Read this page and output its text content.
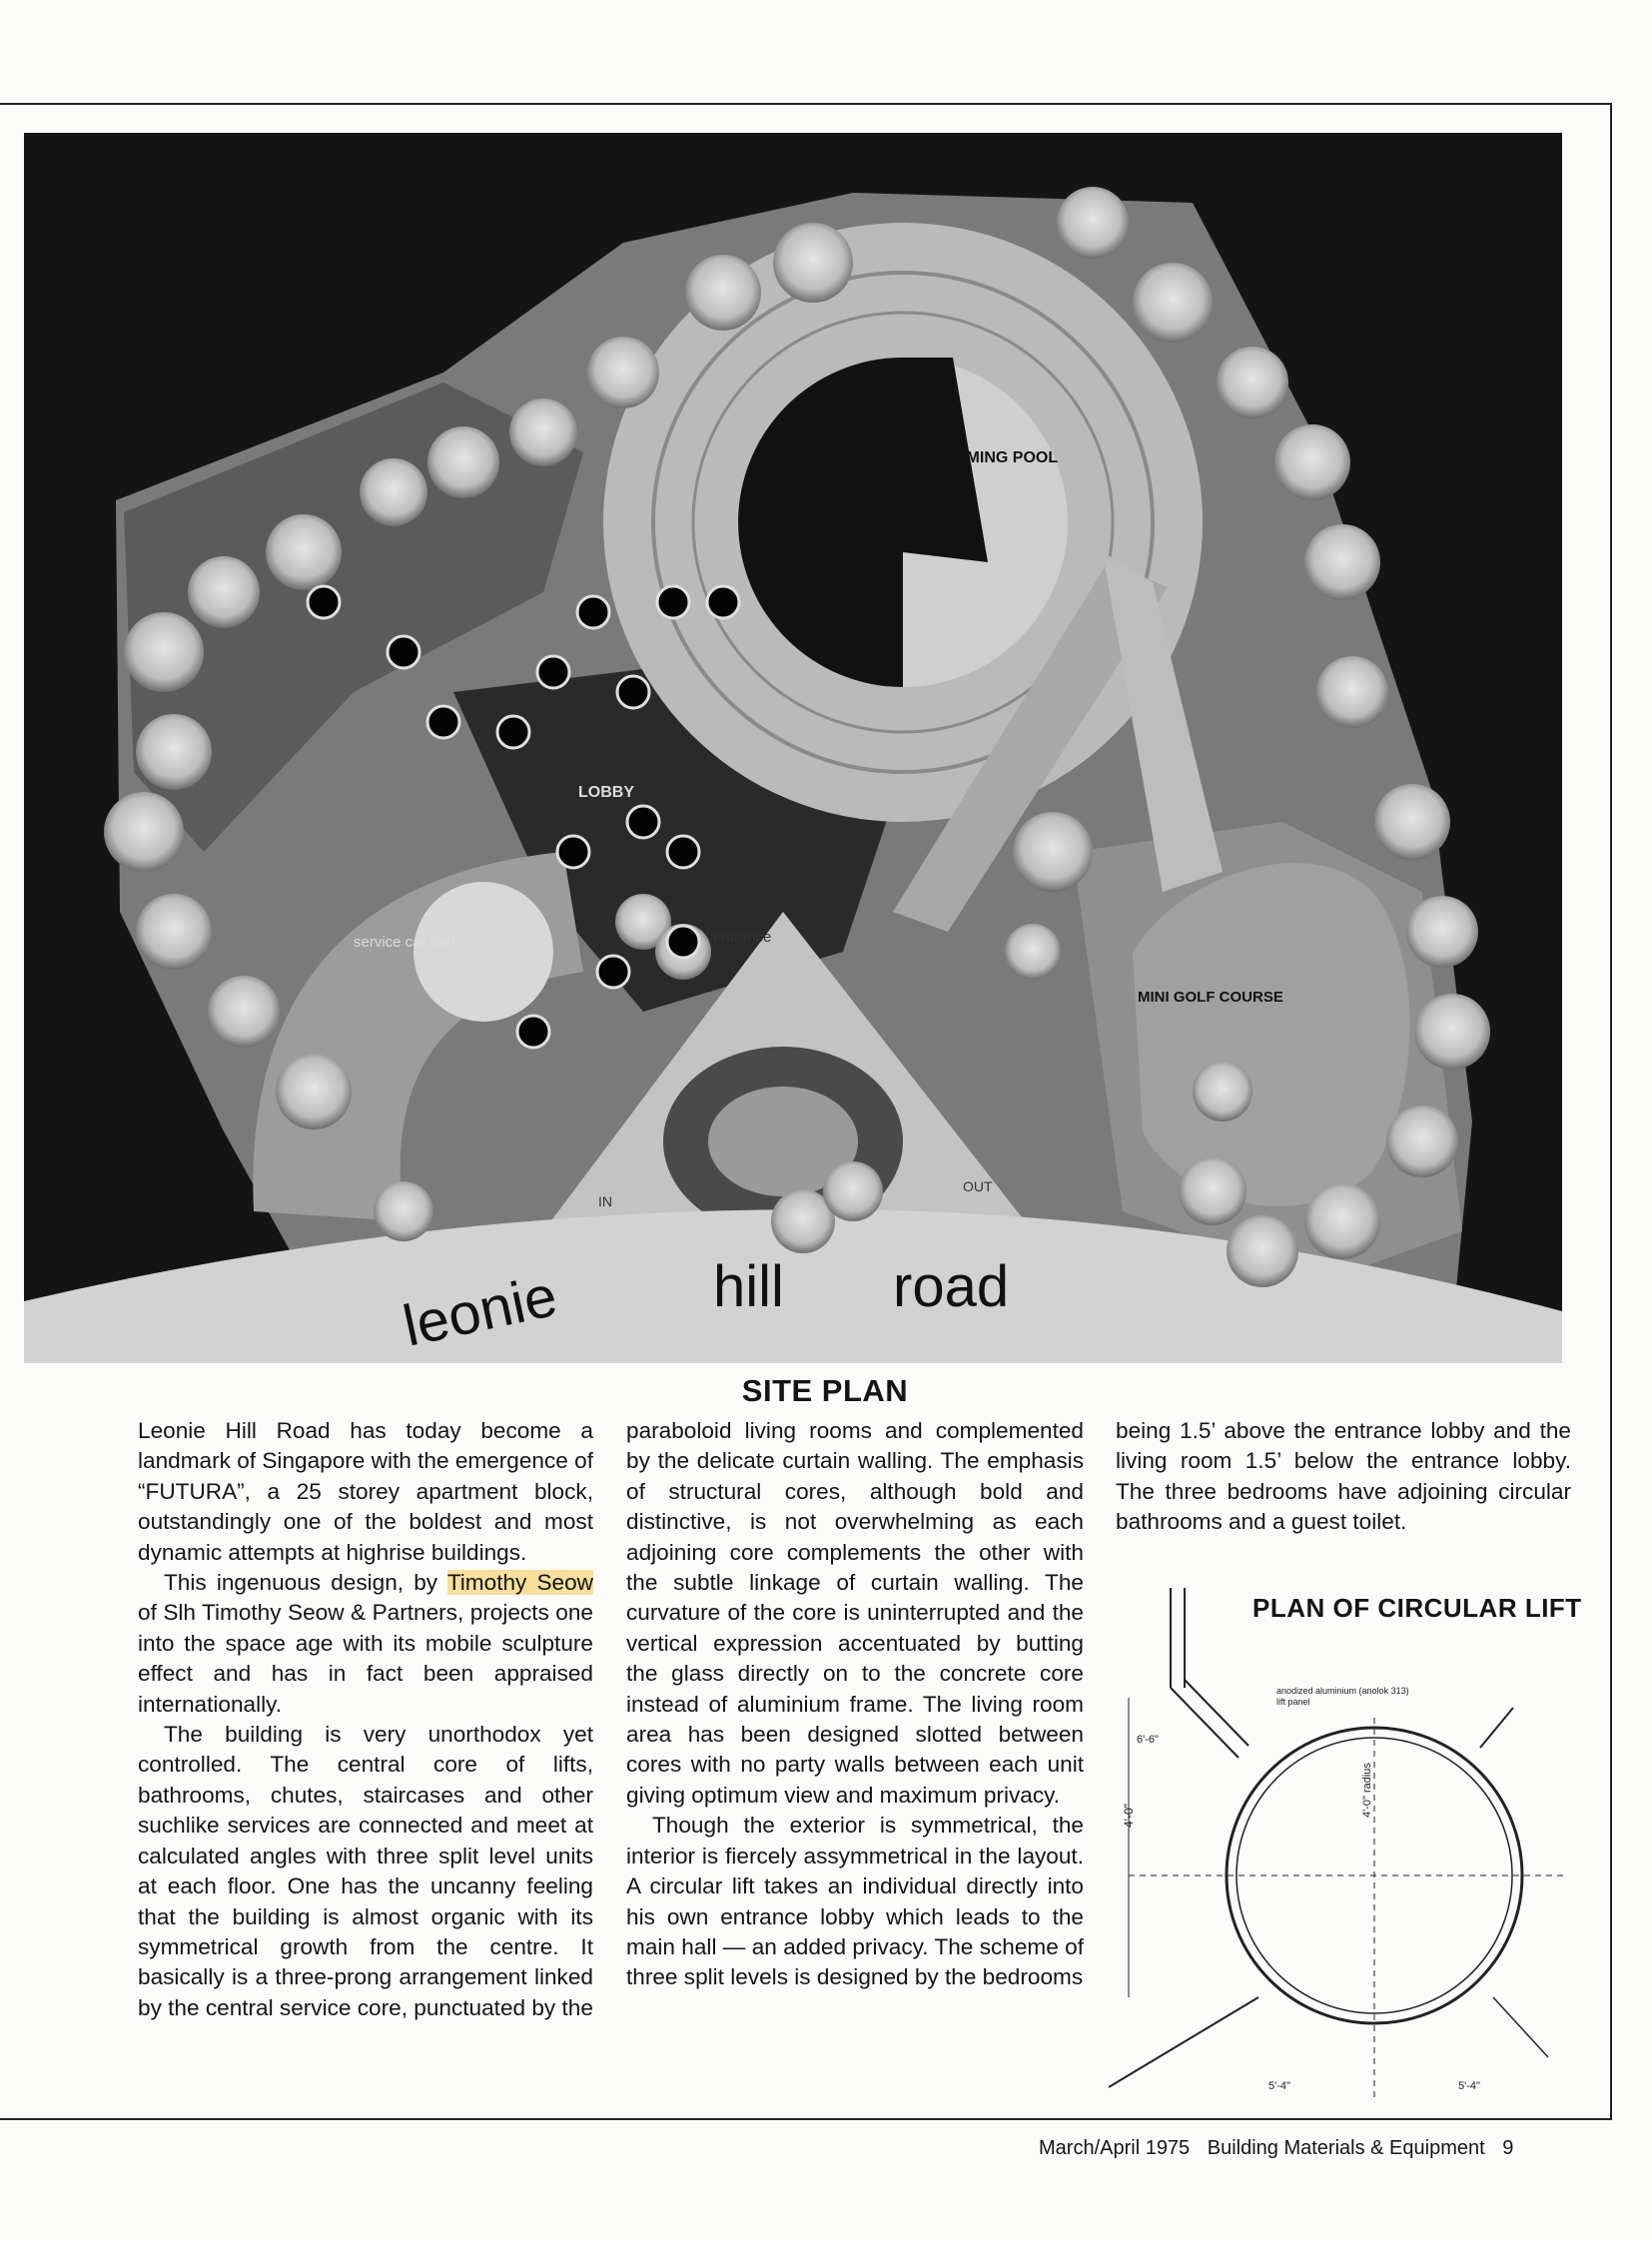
SWIMMING POOL
service car park
LOBBY
entrance
MINI GOLF COURSE
IN
OUT
leonie	hill road

SITE PLAN

Leonie Hill Road has today become a landmark of Singapore with the emergence of “FUTURA”, a 25 storey apartment block, outstandingly one of the boldest and most dynamic attempts at highrise buildings.

This ingenuous design, by Timothy Seow of Slh Timothy Seow & Partners, projects one into the space age with its mobile sculpture effect and has in fact been appraised internationally.

The building is very unorthodox yet controlled. The central core of lifts, bathrooms, chutes, staircases and other suchlike services are connected and meet at calculated angles with three split level units at each floor. One has the uncanny feeling that the building is almost organic with its symmetrical growth from the centre. It basically is a three-prong arrangement linked by the central service core, punctuated by the

paraboloid living rooms and complemented by the delicate curtain walling. The emphasis of structural cores, although bold and distinctive, is not overwhelming as each adjoining core complements the other with the subtle linkage of curtain walling. The curvature of the core is uninterrupted and the vertical expression accentuated by butting the glass directly on to the concrete core instead of aluminium frame. The living room area has been designed slotted between cores with no party walls between each unit giving optimum view and maximum privacy.

Though the exterior is symmetrical, the interior is fiercely assymmetrical in the layout. A circular lift takes an individual directly into his own entrance lobby which leads to the main hall — an added privacy. The scheme of three split levels is designed by the bedrooms

being 1.5’ above the entrance lobby and the living room 1.5’ below the entrance lobby. The three bedrooms have adjoining circular bathrooms and a guest toilet.

anodized aluminium (anolok 313)
lift panel
6'-6"
4'-0"	4'-0" radius
5'-4"	5'-4"

PLAN OF CIRCULAR LIFT

March/April 1975 Building Materials & Equipment 9
